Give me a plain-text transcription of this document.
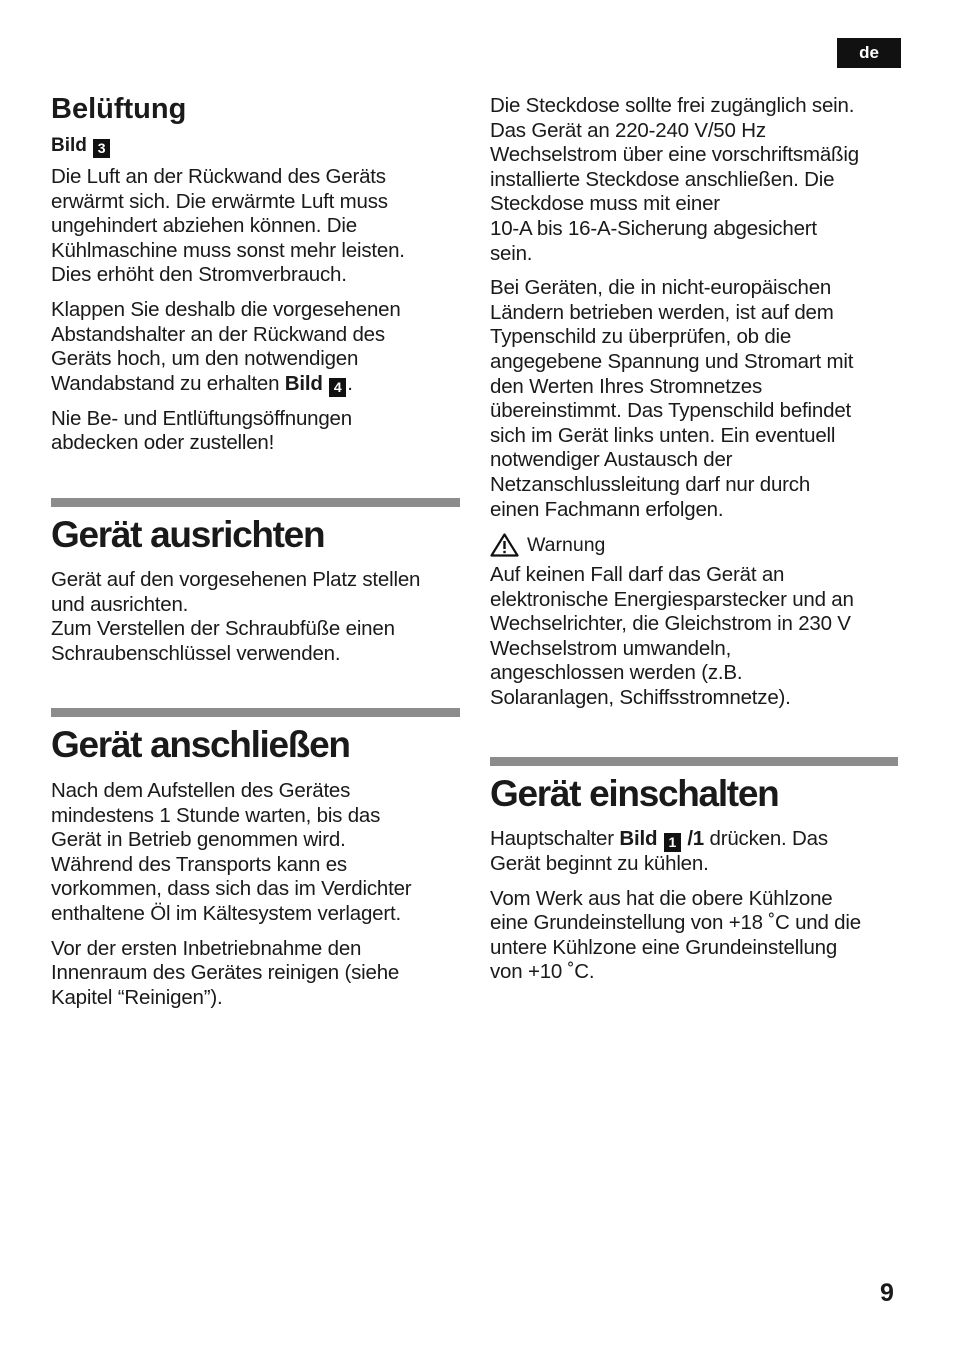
de
Belüftung
Bild 3

Die Luft an der Rückwand des Geräts
erwärmt sich. Die erwärmte Luft muss
ungehindert abziehen können. Die
Kühlmaschine muss sonst mehr leisten.
Dies erhöht den Stromverbrauch.

Klappen Sie deshalb die vorgesehenen
Abstandshalter an der Rückwand des
Geräts hoch, um den notwendigen
Wandabstand zu erhalten Bild 4 .

Nie Be- und Entlüftungsöffnungen
abdecken oder zustellen!

Gerät ausrichten

Gerät auf den vorgesehenen Platz stellen
und ausrichten.
Zum Verstellen der Schraubfüße einen
Schraubenschlüssel verwenden.

Gerät anschließen

Nach dem Aufstellen des Gerätes
mindestens 1 Stunde warten, bis das
Gerät in Betrieb genommen wird.
Während des Transports kann es
vorkommen, dass sich das im Verdichter
enthaltene Öl im Kältesystem verlagert.

Vor der ersten Inbetriebnahme den
Innenraum des Gerätes reinigen (siehe
Kapitel “Reinigen”).

Die Steckdose sollte frei zugänglich sein.
Das Gerät an 220-240 V/50 Hz
Wechselstrom über eine vorschriftsmäßig
installierte Steckdose anschließen. Die
Steckdose muss mit einer
10-A bis 16-A-Sicherung abgesichert
sein.

Bei Geräten, die in nicht-europäischen
Ländern betrieben werden, ist auf dem
Typenschild zu überprüfen, ob die
angegebene Spannung und Stromart mit
den Werten Ihres Stromnetzes
übereinstimmt. Das Typenschild befindet
sich im Gerät links unten. Ein eventuell
notwendiger Austausch der
Netzanschlussleitung darf nur durch
einen Fachmann erfolgen.

Warnung

Auf keinen Fall darf das Gerät an
elektronische Energiesparstecker und an
Wechselrichter, die Gleichstrom in 230 V
Wechselstrom umwandeln,
angeschlossen werden (z.B.
Solaranlagen, Schiffsstromnetze).

Gerät einschalten

Hauptschalter Bild 1 /1 drücken. Das
Gerät beginnt zu kühlen.

Vom Werk aus hat die obere Kühlzone
eine Grundeinstellung von +18 ˚C und die
untere Kühlzone eine Grundeinstellung
von +10 ˚C.

9
